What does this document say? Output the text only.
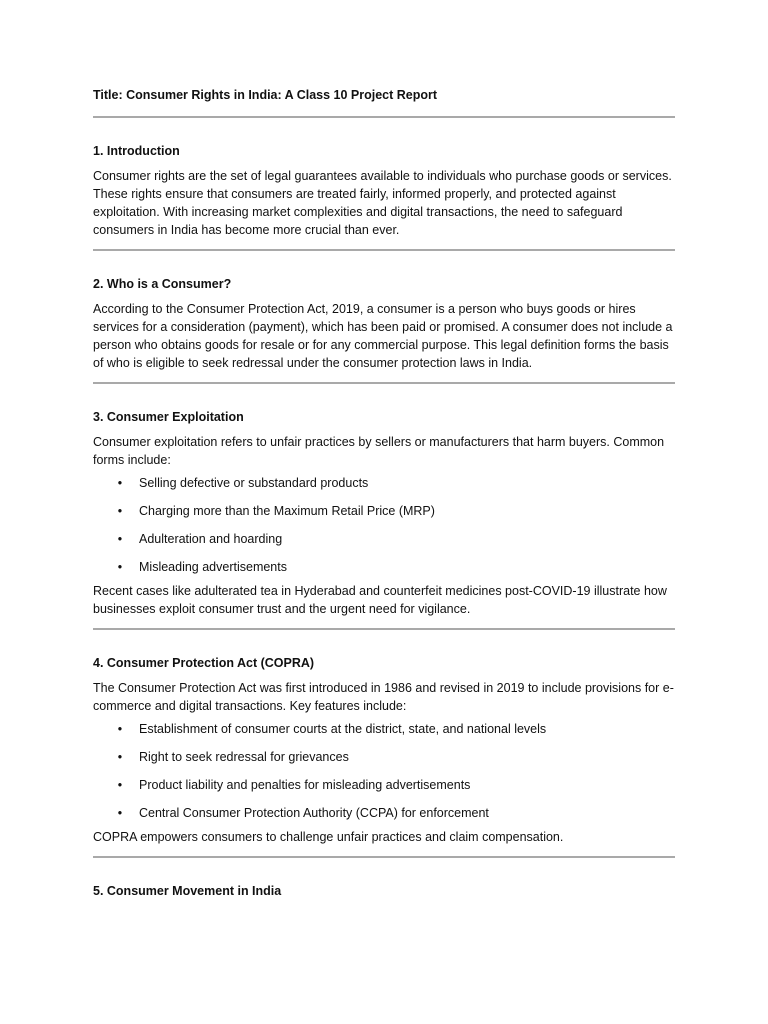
Title: Consumer Rights in India: A Class 10 Project Report

1. Introduction

Consumer rights are the set of legal guarantees available to individuals who purchase goods or services. These rights ensure that consumers are treated fairly, informed properly, and protected against exploitation. With increasing market complexities and digital transactions, the need to safeguard consumers in India has become more crucial than ever.

2. Who is a Consumer?

According to the Consumer Protection Act, 2019, a consumer is a person who buys goods or hires services for a consideration (payment), which has been paid or promised. A consumer does not include a person who obtains goods for resale or for any commercial purpose. This legal definition forms the basis of who is eligible to seek redressal under the consumer protection laws in India.

3. Consumer Exploitation

Consumer exploitation refers to unfair practices by sellers or manufacturers that harm buyers. Common forms include:

• Selling defective or substandard products
• Charging more than the Maximum Retail Price (MRP)
• Adulteration and hoarding
• Misleading advertisements

Recent cases like adulterated tea in Hyderabad and counterfeit medicines post-COVID-19 illustrate how businesses exploit consumer trust and the urgent need for vigilance.

4. Consumer Protection Act (COPRA)

The Consumer Protection Act was first introduced in 1986 and revised in 2019 to include provisions for e-commerce and digital transactions. Key features include:

• Establishment of consumer courts at the district, state, and national levels
• Right to seek redressal for grievances
• Product liability and penalties for misleading advertisements
• Central Consumer Protection Authority (CCPA) for enforcement

COPRA empowers consumers to challenge unfair practices and claim compensation.

5. Consumer Movement in India
